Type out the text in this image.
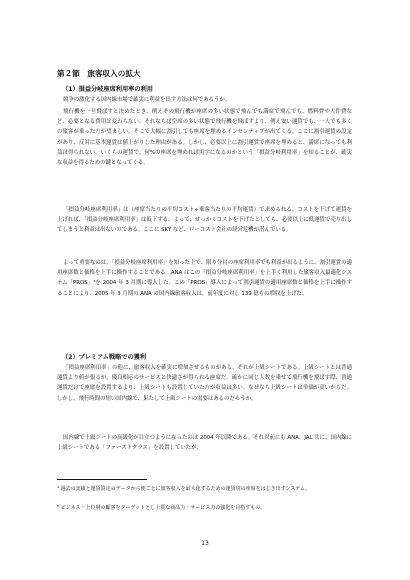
第２節　旅客収入の拡大
（1）損益分岐座席利用率の利用

競争の激化する国内線市場で確実に利益を出す方法は何であろうか。

飛行機を一旦飛ばすと決めたとき、例えその飛行機が座席の多い状態で飛んでも満席で飛んでも、燃料費や人件費など、必要となる費用は変わらない。それならば空席の多い状態で飛行機を飛ばすより、例え安い運賃でも、一人でも多くの旅客が乗った方が望ましい。そこで大幅に割引しても座席を埋めるインセンティブが出てくる。ここに割引運賃の設定があり、反対に基本運賃は値上がりした理由がある。しかし、必要以上に割引運賃で座席を埋めると、満席になっても利益は得られない。いくらの運賃で、何%の座席を埋めれば黒字になるのかという「損益分岐利用率」を知ることが、確実な収益を得るための鍵となってくる。

「損益分岐座席利用率」は（座席当たりの平均コスト÷乗客当たりの平均運賃）で求められる。コストを下げて運賃を上げれば、「損益分岐座席利用率」は低下する。よって、せっかくコストを下げたとしても、必要以上に低運賃で売り出してしまうと利益は出ないのである。ここに SKY など、ローコスト会社の経営危機が潜んでいる。

よって重要なのは、「損益分岐座席利用率」を知った上で、限り分目の座席利用率でも利益が出るように、割引運賃の適用座席数と価格を上手に操作することである。ANA はこの「損益分岐座席利用率」を上手く利用した旅客収入最適化システム「PROS」⁴を 2004 年 3 月期に導入した。この「PROS」導入によって割引運賃の適用座席数と価格を上手に操作することにより、2005 年 3 月期の ANA の国内線旅客収入は、前年度に対し 139 億もの増収を上げた。

（2）プレミアム戦略での獲利

「損益座席利用率」の他に、旅客収入を確実に増加させるものがある。それが上級シートである。上級シートとは普通運賃より値が張るが、優良相応のサービスと快適さが得られる座席だ。確かに同じ人数を乗せて飛行機を飛ばす際、普通運賃だけで座席を設置するより、上級シートも設置していた方が収益は多い。なぜなら上級シートは単価が高いからだ。しかし、飛行時間の短い国内線で、果たして上級シートの需要はあるのだろうか。

国内線で上級シートの高級化が目立つようになったのは 2004 年以降である。それ以前にも ANA、JAL 共に、国内線に上級シートである「ファーストクラス」を設置していたが、

⁴ 過去の実績と運賃設定のデータから便ごとに旅客収入を最大化するための運賃別の座席をはじき出すシステム。

⁵ ビジネス・上位層の顧客をターゲットとし上質な商品力・サービス力の強化を目指すもの。

13
